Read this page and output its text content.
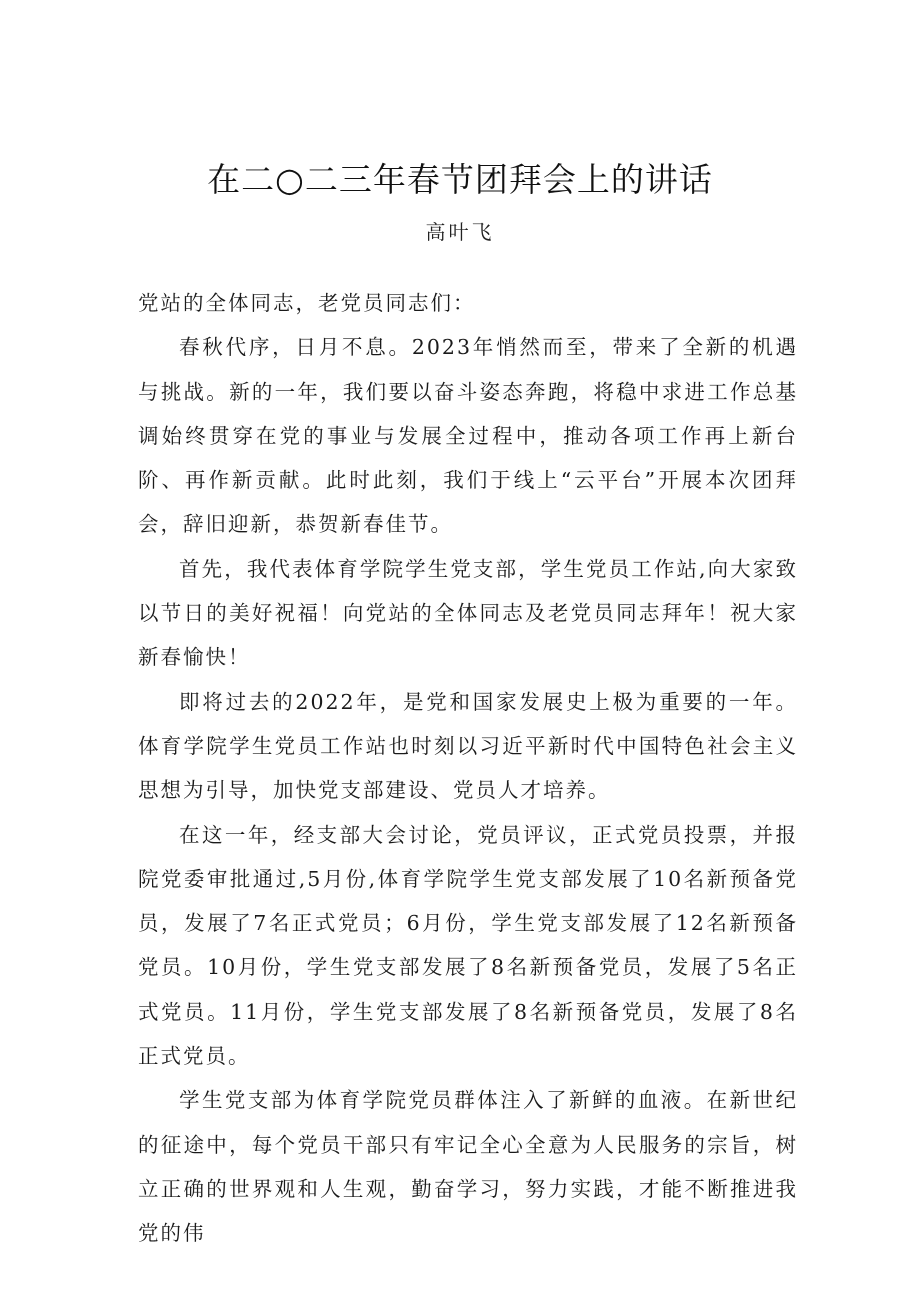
在二○二三年春节团拜会上的讲话
高叶飞

党站的全体同志，老党员同志们：

春秋代序，日月不息。2023年悄然而至，带来了全新的机遇与挑战。新的一年，我们要以奋斗姿态奔跑，将稳中求进工作总基调始终贯穿在党的事业与发展全过程中，推动各项工作再上新台阶、再作新贡献。此时此刻，我们于线上“云平台”开展本次团拜会，辞旧迎新，恭贺新春佳节。

首先，我代表体育学院学生党支部，学生党员工作站,向大家致以节日的美好祝福！向党站的全体同志及老党员同志拜年！祝大家新春愉快！

即将过去的2022年，是党和国家发展史上极为重要的一年。体育学院学生党员工作站也时刻以习近平新时代中国特色社会主义思想为引导，加快党支部建设、党员人才培养。

在这一年，经支部大会讨论，党员评议，正式党员投票，并报院党委审批通过,5月份,体育学院学生党支部发展了10名新预备党员，发展了7名正式党员；6月份，学生党支部发展了12名新预备党员。10月份，学生党支部发展了8名新预备党员，发展了5名正式党员。11月份，学生党支部发展了8名新预备党员，发展了8名正式党员。

学生党支部为体育学院党员群体注入了新鲜的血液。在新世纪的征途中，每个党员干部只有牢记全心全意为人民服务的宗旨，树立正确的世界观和人生观，勤奋学习，努力实践，才能不断推进我党的伟
